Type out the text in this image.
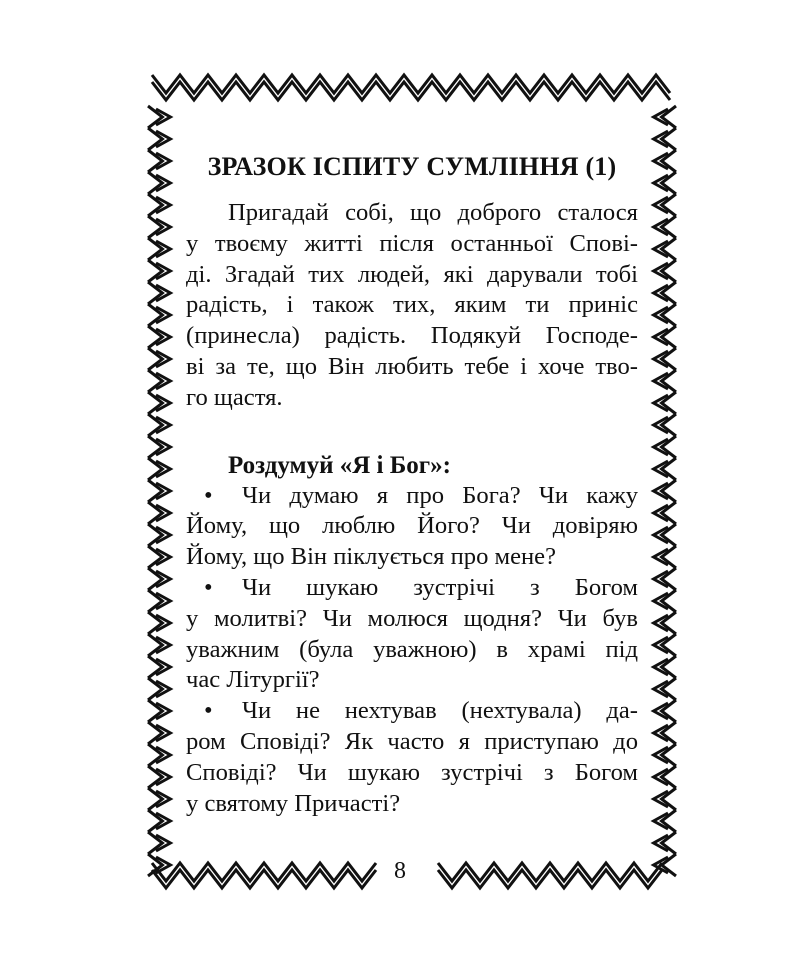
ЗРАЗОК ІСПИТУ СУМЛІННЯ (1)
Пригадай собі, що доброго сталося
у твоєму житті після останньої Спові-
ді. Згадай тих людей, які дарували тобі
радість, і також тих, яким ти приніс
(принесла) радість. Подякуй Господе-
ві за те, що Він любить тебе і хоче тво-
го щастя.
Роздумуй «Я і Бог»:
•	Чи думаю я про Бога? Чи кажу
Йому, що люблю Його? Чи довіряю
Йому, що Він піклується про мене?
•	Чи шукаю зустрічі з Богом
у молитві? Чи молюся щодня? Чи був
уважним (була уважною) в храмі під
час Літургії?
•	Чи не нехтував (нехтувала) да-
ром Сповіді? Як часто я приступаю до
Сповіді? Чи шукаю зустрічі з Богом
у святому Причасті?
8
